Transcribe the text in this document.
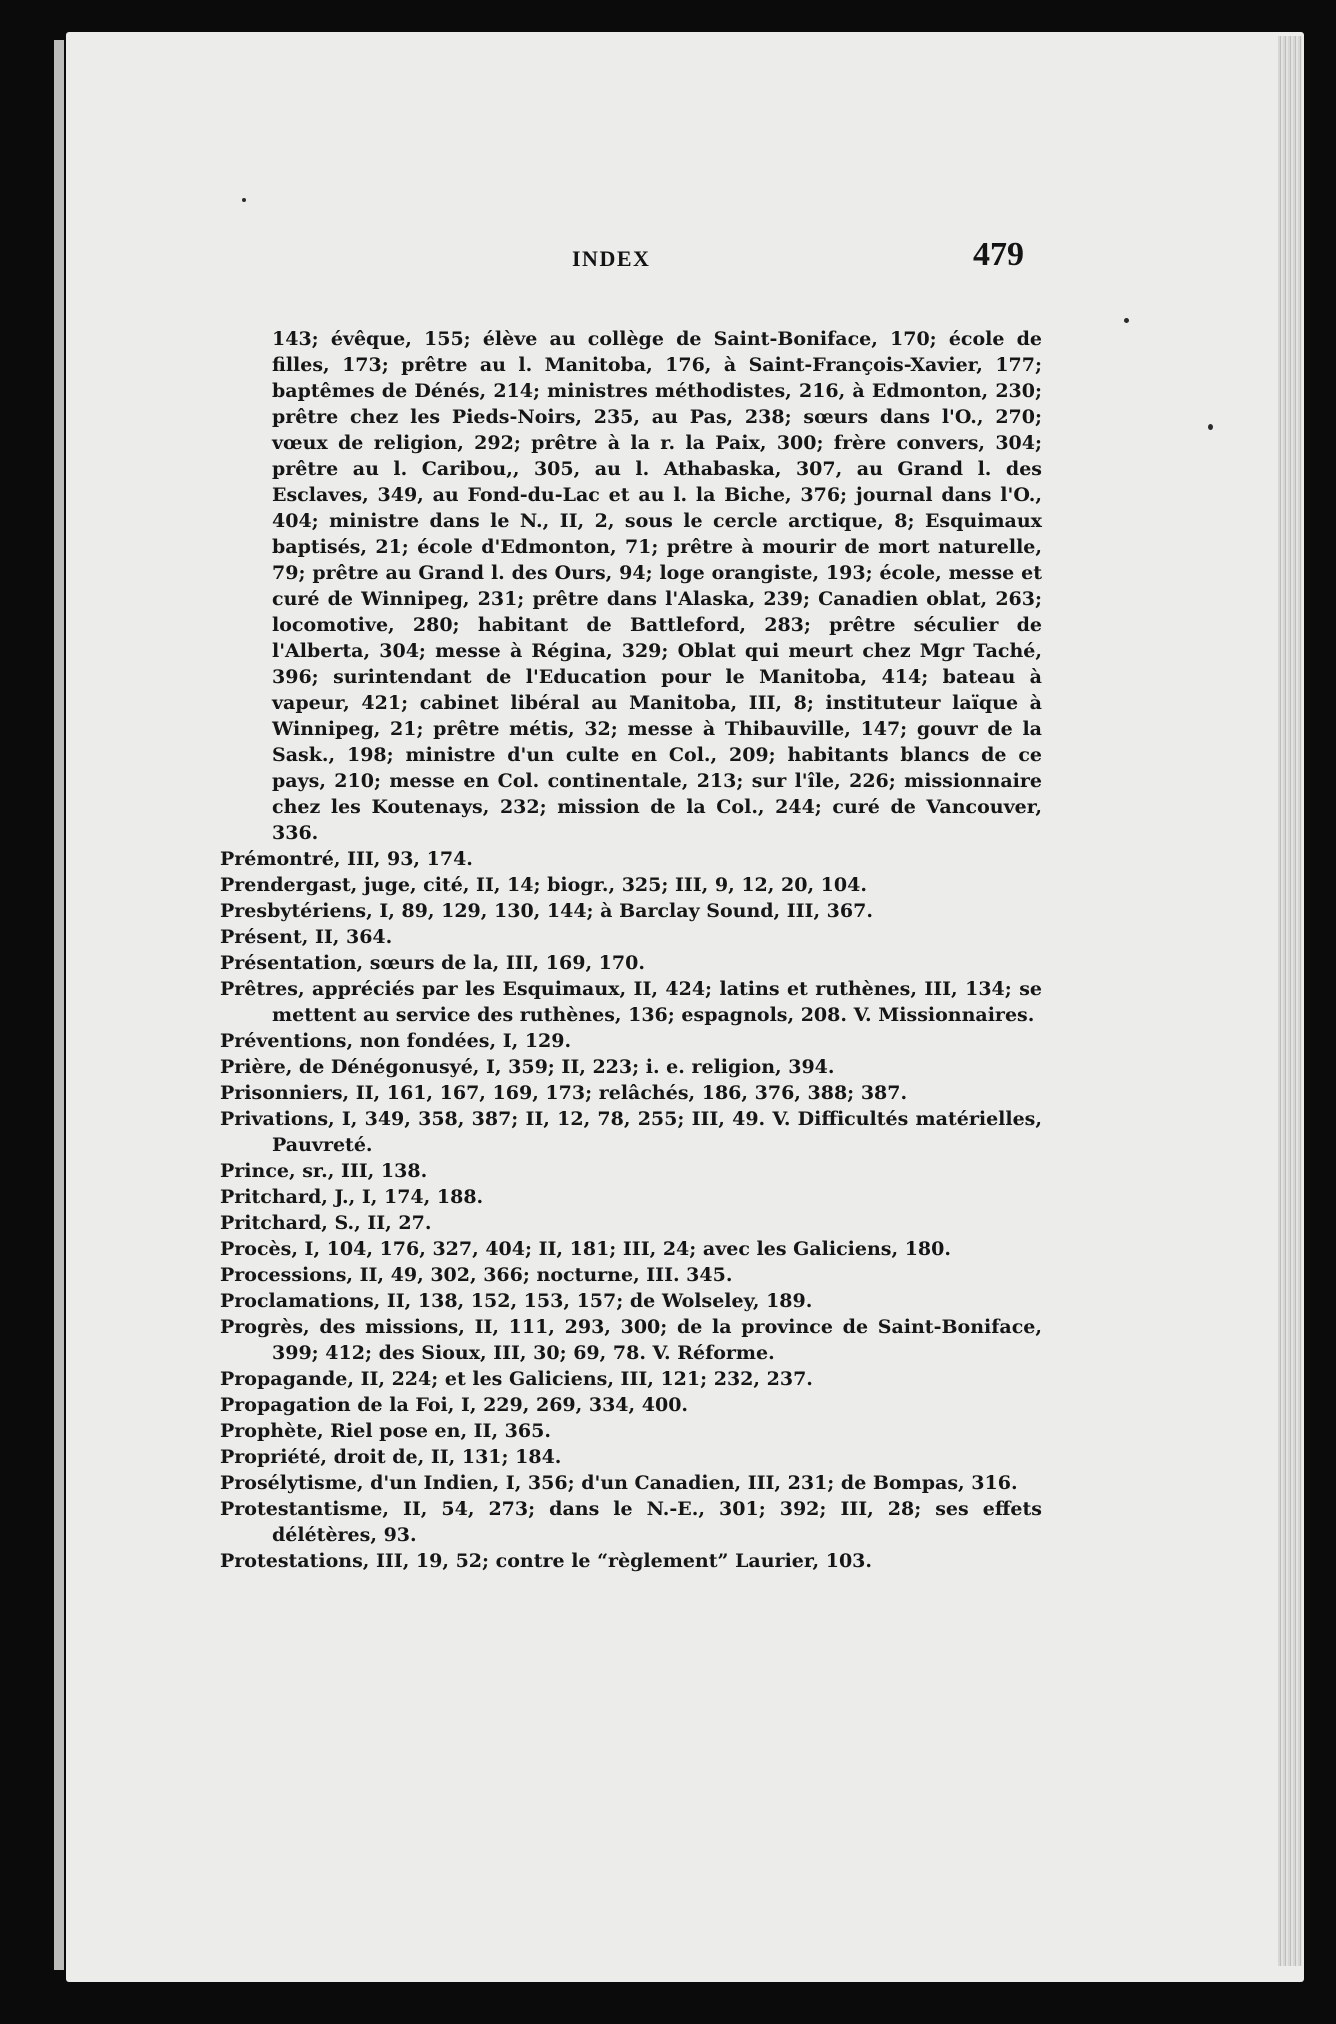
INDEX	479

143; évêque, 155; élève au collège de Saint-Boniface, 170; école de filles, 173; prêtre au l. Manitoba, 176, à Saint-François-Xavier, 177; baptêmes de Dénés, 214; ministres méthodistes, 216, à Edmonton, 230; prêtre chez les Pieds-Noirs, 235, au Pas, 238; sœurs dans l'O., 270; vœux de religion, 292; prêtre à la r. la Paix, 300; frère convers, 304; prêtre au l. Caribou,, 305, au l. Athabaska, 307, au Grand l. des Esclaves, 349, au Fond-du-Lac et au l. la Biche, 376; journal dans l'O., 404; ministre dans le N., II, 2, sous le cercle arctique, 8; Esquimaux baptisés, 21; école d'Edmonton, 71; prêtre à mourir de mort naturelle, 79; prêtre au Grand l. des Ours, 94; loge orangiste, 193; école, messe et curé de Winnipeg, 231; prêtre dans l'Alaska, 239; Canadien oblat, 263; locomotive, 280; habitant de Battleford, 283; prêtre séculier de l'Alberta, 304; messe à Régina, 329; Oblat qui meurt chez Mgr Taché, 396; surintendant de l'Education pour le Manitoba, 414; bateau à vapeur, 421; cabinet libéral au Manitoba, III, 8; instituteur laïque à Winnipeg, 21; prêtre métis, 32; messe à Thibauville, 147; gouvr de la Sask., 198; ministre d'un culte en Col., 209; habitants blancs de ce pays, 210; messe en Col. continentale, 213; sur l'île, 226; missionnaire chez les Koutenays, 232; mission de la Col., 244; curé de Vancouver, 336.

Prémontré, III, 93, 174.

Prendergast, juge, cité, II, 14; biogr., 325; III, 9, 12, 20, 104.

Presbytériens, I, 89, 129, 130, 144; à Barclay Sound, III, 367.

Présent, II, 364.

Présentation, sœurs de la, III, 169, 170.

Prêtres, appréciés par les Esquimaux, II, 424; latins et ruthènes, III, 134; se mettent au service des ruthènes, 136; espagnols, 208. V. Missionnaires.

Préventions, non fondées, I, 129.

Prière, de Dénégonusyé, I, 359; II, 223; i. e. religion, 394.

Prisonniers, II, 161, 167, 169, 173; relâchés, 186, 376, 388; 387.

Privations, I, 349, 358, 387; II, 12, 78, 255; III, 49. V. Difficultés matérielles, Pauvreté.

Prince, sr., III, 138.

Pritchard, J., I, 174, 188.

Pritchard, S., II, 27.

Procès, I, 104, 176, 327, 404; II, 181; III, 24; avec les Galiciens, 180.

Processions, II, 49, 302, 366; nocturne, III. 345.

Proclamations, II, 138, 152, 153, 157; de Wolseley, 189.

Progrès, des missions, II, 111, 293, 300; de la province de Saint-Boniface, 399; 412; des Sioux, III, 30; 69, 78. V. Réforme.

Propagande, II, 224; et les Galiciens, III, 121; 232, 237.

Propagation de la Foi, I, 229, 269, 334, 400.

Prophète, Riel pose en, II, 365.

Propriété, droit de, II, 131; 184.

Prosélytisme, d'un Indien, I, 356; d'un Canadien, III, 231; de Bompas, 316.

Protestantisme, II, 54, 273; dans le N.-E., 301; 392; III, 28; ses effets délétères, 93.

Protestations, III, 19, 52; contre le “règlement” Laurier, 103.
